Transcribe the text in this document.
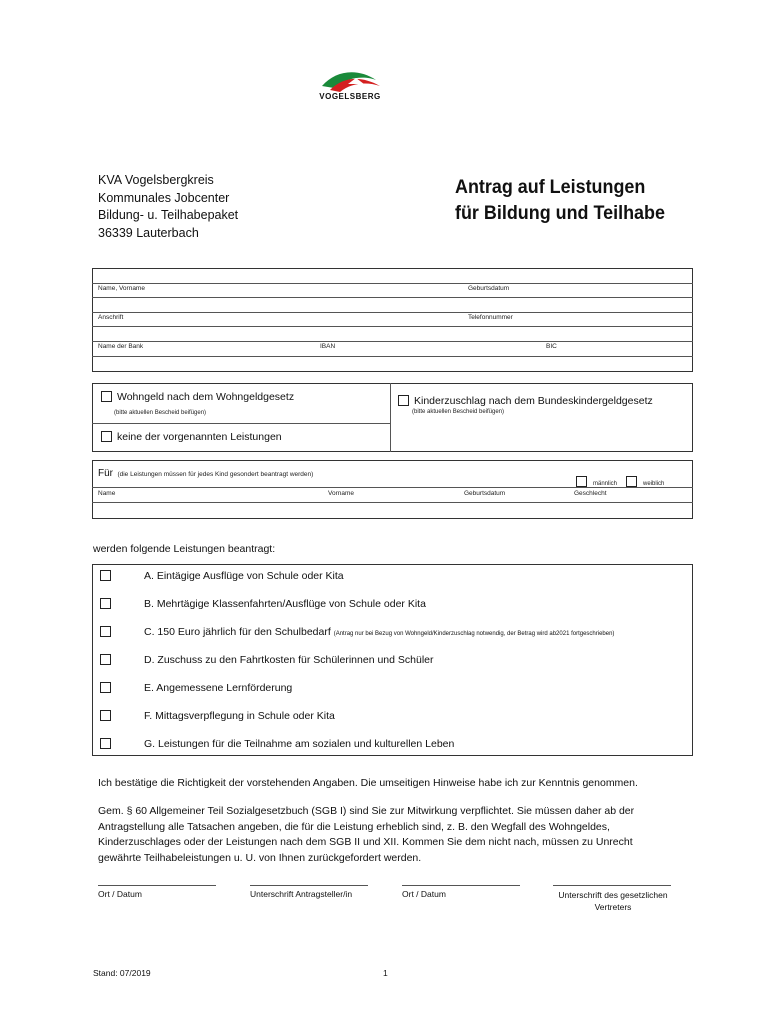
VOGELSBERG
KVA Vogelsbergkreis
Kommunales Jobcenter
Bildung- u. Teilhabepaket
36339 Lauterbach
Antrag auf Leistungen
für Bildung und Teilhabe
Name, Vorname	Geburtsdatum
Anschrift	Telefonnummer
Name der Bank	IBAN	BIC
Wohngeld nach dem Wohngeldgesetz
(bitte aktuellen Bescheid beifügen)
Kinderzuschlag nach dem Bundeskindergeldgesetz
(bitte aktuellen Bescheid beifügen)
keine der vorgenannten Leistungen
Für (die Leistungen müssen für jedes Kind gesondert beantragt werden)
männlich	weiblich
Name	Vorname	Geburtsdatum	Geschlecht
werden folgende Leistungen beantragt:
A. Eintägige Ausflüge von Schule oder Kita
B. Mehrtägige Klassenfahrten/Ausflüge von Schule oder Kita
C. 150 Euro jährlich für den Schulbedarf (Antrag nur bei Bezug von Wohngeld/Kinderzuschlag notwendig, der Betrag wird ab2021 fortgeschrieben)
D. Zuschuss zu den Fahrtkosten für Schülerinnen und Schüler
E. Angemessene Lernförderung
F. Mittagsverpflegung in Schule oder Kita
G. Leistungen für die Teilnahme am sozialen und kulturellen Leben
Ich bestätige die Richtigkeit der vorstehenden Angaben. Die umseitigen Hinweise habe ich zur Kenntnis genommen.
Gem. § 60 Allgemeiner Teil Sozialgesetzbuch (SGB I) sind Sie zur Mitwirkung verpflichtet. Sie müssen daher ab der
Antragstellung alle Tatsachen angeben, die für die Leistung erheblich sind, z. B. den Wegfall des Wohngeldes,
Kinderzuschlages oder der Leistungen nach dem SGB II und XII. Kommen Sie dem nicht nach, müssen zu Unrecht
gewährte Teilhabeleistungen u. U. von Ihnen zurückgefordert werden.
Ort / Datum	Unterschrift Antragsteller/in	Ort / Datum	Unterschrift des gesetzlichen
Vertreters
Stand: 07/2019	1
